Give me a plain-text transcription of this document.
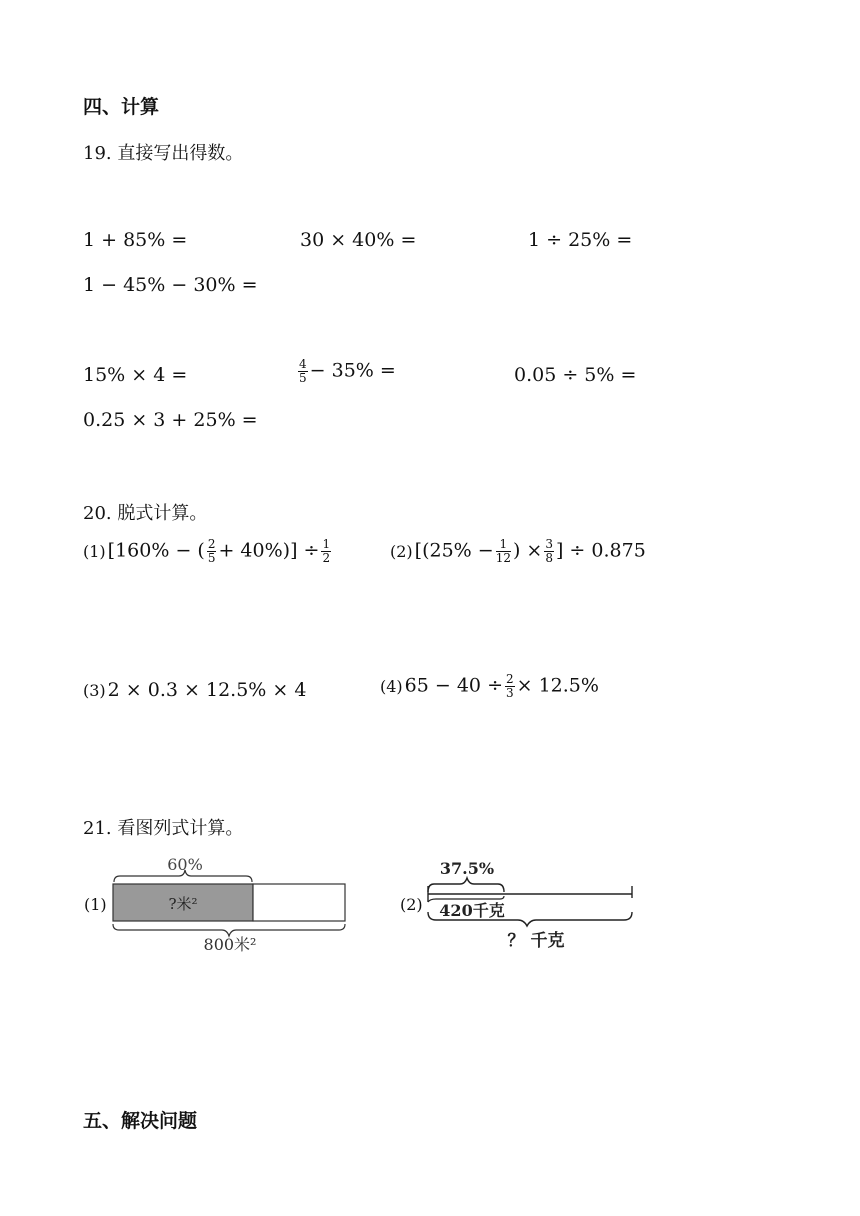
四、计算
19. 直接写出得数。
1 + 85% =	30 × 40% =	1 ÷ 25% =
1 − 45% − 30% =
15% × 4 =	$\frac{4}{5} - 35\%$ =	0.05 ÷ 5% =
0.25 × 3 + 25% =
20. 脱式计算。
(1) [160% − ( $\frac{2}{5} + 40\%)] \div \frac{1}{2}$	(2) [($25\% - \frac{1}{12}$ ) × $\frac{3}{8}$ ] ÷ 0.875
(3) 2 × 0.3 × 12.5% × 4	(4) $65 - 40 \div \frac{2}{3} \times 12.5\%$
21. 看图列式计算。
(1)
60%
?米²
800米²
(2)
37.5%
420千克
？ 千克
五、解决问题
